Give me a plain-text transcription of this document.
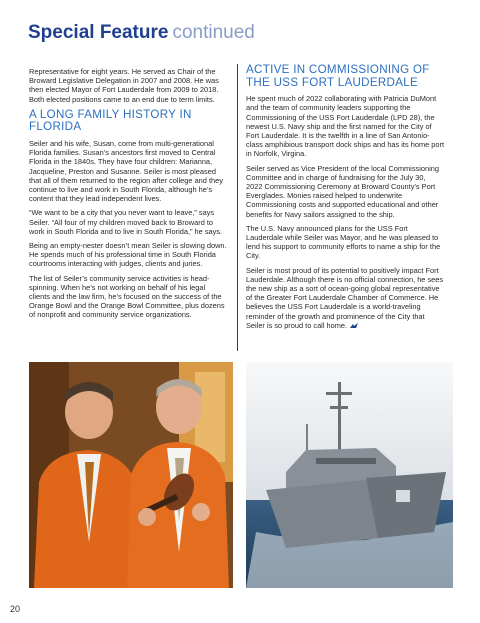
Special Feature continued

Representative for eight years. He served as Chair of the Broward Legislative Delegation in 2007 and 2008. He was then elected Mayor of Fort Lauderdale from 2009 to 2018. Both elected positions came to an end due to term limits.

A LONG FAMILY HISTORY IN FLORIDA

Seiler and his wife, Susan, come from multi-generational Florida families. Susan’s ancestors first moved to Central Florida in the 1840s. They have four children: Marianna, Jacqueline, Preston and Susanne. Seiler is most pleased that all of them returned to the region after college and they continue to live and work in South Florida, although he’s content that they lead independent lives.

“We want to be a city that you never want to leave,” says Seiler. “All four of my children moved back to Broward to work in South Florida and to live in South Florida,” he says.

Being an empty-nester doesn’t mean Seiler is slowing down. He spends much of his professional time in South Florida courtrooms interacting with judges, clients and juries.

The list of Seiler’s community service activities is head-spinning. When he’s not working on behalf of his legal clients and the law firm, he’s focused on the success of the Orange Bowl and the Orange Bowl Committee, plus dozens of nonprofit and community service organizations.

ACTIVE IN COMMISSIONING OF THE USS FORT LAUDERDALE

He spent much of 2022 collaborating with Patricia DuMont and the team of community leaders supporting the Commissioning of the USS Fort Lauderdale (LPD 28), the newest U.S. Navy ship and the first named for the City of Fort Lauderdale. It is the twelfth in a line of San Antonio-class amphibious transport dock ships and has its home port in Norfolk, Virgina.

Seiler served as Vice President of the local Commissioning Committee and in charge of fundraising for the July 30, 2022 Commissioning Ceremony at Broward County’s Port Everglades. Monies raised helped to underwrite Commissioning costs and supported educational and other benefits for Navy sailors assigned to the ship.

The U.S. Navy announced plans for the USS Fort Lauderdale while Seiler was Mayor, and he was pleased to lend his support to community efforts to name a ship for the City.

Seiler is most proud of its potential to positively impact Fort Lauderdale. Although there is no official connection, he sees the new ship as a sort of ocean-going global representative of the Greater Fort Lauderdale Chamber of Commerce. He believes the USS Fort Lauderdale is a world-traveling reminder of the growth and prominence of the City that Seiler is so proud to call home.

20
